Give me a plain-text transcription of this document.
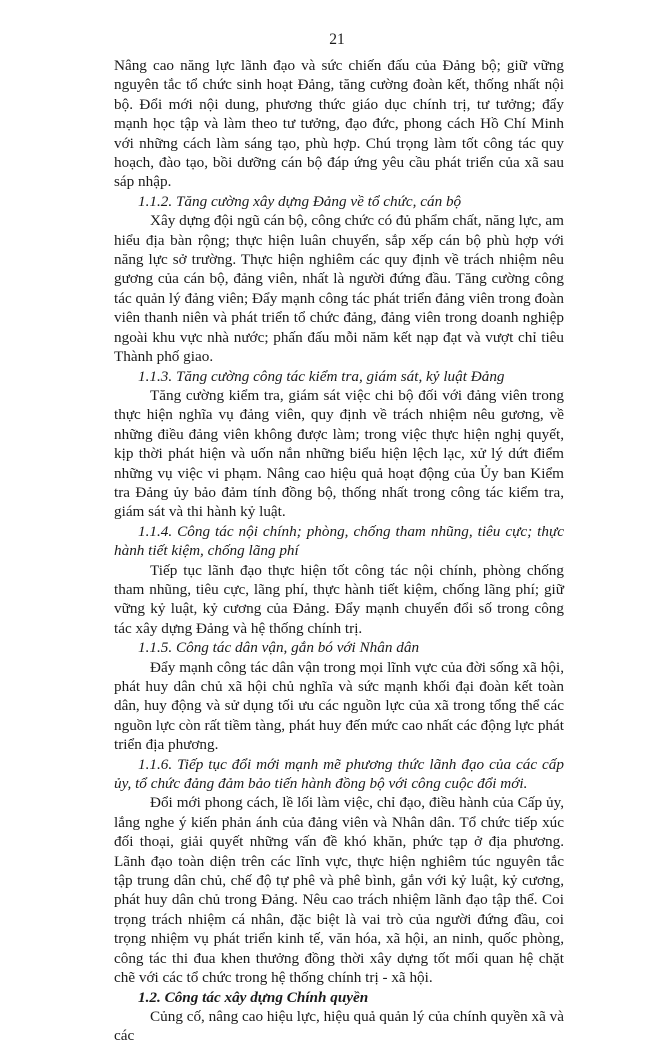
21

Nâng cao năng lực lãnh đạo và sức chiến đấu của Đảng bộ; giữ vững nguyên tắc tổ chức sinh hoạt Đảng, tăng cường đoàn kết, thống nhất nội bộ. Đổi mới nội dung, phương thức giáo dục chính trị, tư tưởng; đẩy mạnh học tập và làm theo tư tưởng, đạo đức, phong cách Hồ Chí Minh với những cách làm sáng tạo, phù hợp. Chú trọng làm tốt công tác quy hoạch, đào tạo, bồi dưỡng cán bộ đáp ứng yêu cầu phát triển của xã sau sáp nhập.

1.1.2. Tăng cường xây dựng Đảng về tổ chức, cán bộ

Xây dựng đội ngũ cán bộ, công chức có đủ phẩm chất, năng lực, am hiểu địa bàn rộng; thực hiện luân chuyển, sắp xếp cán bộ phù hợp với năng lực sở trường. Thực hiện nghiêm các quy định về trách nhiệm nêu gương của cán bộ, đảng viên, nhất là người đứng đầu. Tăng cường công tác quản lý đảng viên; Đẩy mạnh công tác phát triển đảng viên trong đoàn viên thanh niên và phát triển tổ chức đảng, đảng viên trong doanh nghiệp ngoài khu vực nhà nước; phấn đấu mỗi năm kết nạp đạt và vượt chỉ tiêu Thành phố giao.

1.1.3. Tăng cường công tác kiểm tra, giám sát, kỷ luật Đảng

Tăng cường kiểm tra, giám sát việc chi bộ đối với đảng viên trong thực hiện nghĩa vụ đảng viên, quy định về trách nhiệm nêu gương, về những điều đảng viên không được làm; trong việc thực hiện nghị quyết, kịp thời phát hiện và uốn nắn những biểu hiện lệch lạc, xử lý dứt điểm những vụ việc vi phạm. Nâng cao hiệu quả hoạt động của Ủy ban Kiểm tra Đảng ủy bảo đảm tính đồng bộ, thống nhất trong công tác kiểm tra, giám sát và thi hành kỷ luật.

1.1.4. Công tác nội chính; phòng, chống tham nhũng, tiêu cực; thực hành tiết kiệm, chống lãng phí

Tiếp tục lãnh đạo thực hiện tốt công tác nội chính, phòng chống tham nhũng, tiêu cực, lãng phí, thực hành tiết kiệm, chống lãng phí; giữ vững kỷ luật, kỷ cương của Đảng. Đẩy mạnh chuyển đổi số trong công tác xây dựng Đảng và hệ thống chính trị.

1.1.5. Công tác dân vận, gắn bó với Nhân dân

Đẩy mạnh công tác dân vận trong mọi lĩnh vực của đời sống xã hội, phát huy dân chủ xã hội chủ nghĩa và sức mạnh khối đại đoàn kết toàn dân, huy động và sử dụng tối ưu các nguồn lực của xã trong tổng thể các nguồn lực còn rất tiềm tàng, phát huy đến mức cao nhất các động lực phát triển địa phương.

1.1.6. Tiếp tục đổi mới mạnh mẽ phương thức lãnh đạo của các cấp ủy, tổ chức đảng đảm bảo tiến hành đồng bộ với công cuộc đổi mới.

Đổi mới phong cách, lề lối làm việc, chỉ đạo, điều hành của Cấp ủy, lắng nghe ý kiến phản ánh của đảng viên và Nhân dân. Tổ chức tiếp xúc đối thoại, giải quyết những vấn đề khó khăn, phức tạp ở địa phương. Lãnh đạo toàn diện trên các lĩnh vực, thực hiện nghiêm túc nguyên tắc tập trung dân chủ, chế độ tự phê và phê bình, gắn với kỷ luật, kỷ cương, phát huy dân chủ trong Đảng. Nêu cao trách nhiệm lãnh đạo tập thể. Coi trọng trách nhiệm cá nhân, đặc biệt là vai trò của người đứng đầu, coi trọng nhiệm vụ phát triển kinh tế, văn hóa, xã hội, an ninh, quốc phòng, công tác thi đua khen thưởng đồng thời xây dựng tốt mối quan hệ chặt chẽ với các tổ chức trong hệ thống chính trị - xã hội.

1.2. Công tác xây dựng Chính quyền

Củng cố, nâng cao hiệu lực, hiệu quả quản lý của chính quyền xã và các
